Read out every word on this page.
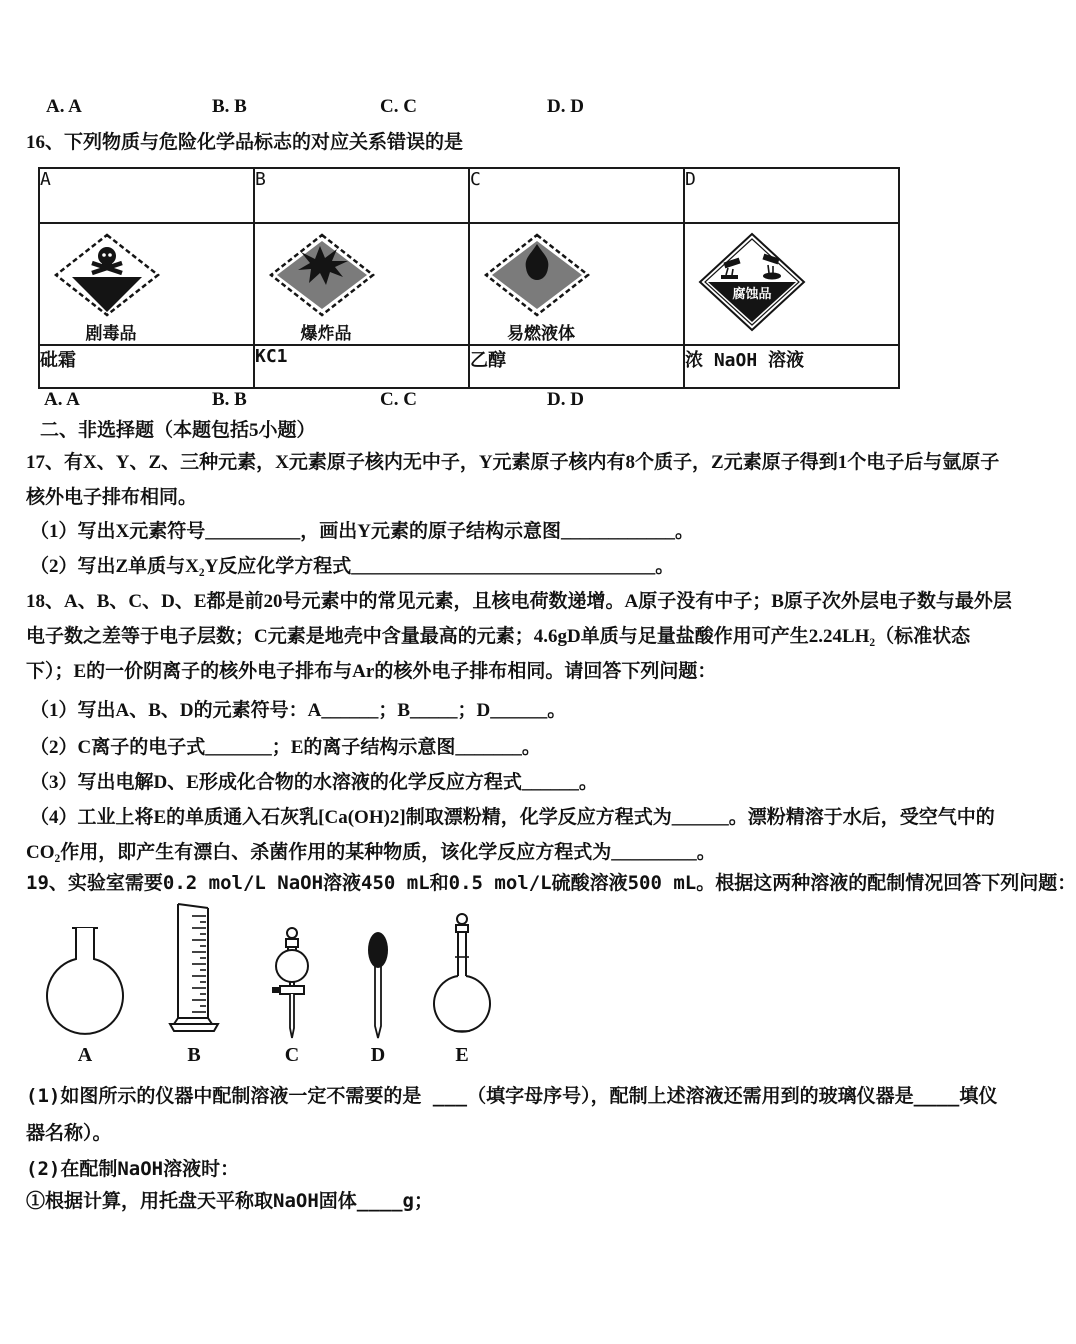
A. A	B. B	C. C	D. D
16、下列物质与危险化学品标志的对应关系错误的是
A	B	C	D

剧毒品	爆炸品	易燃液体	腐蚀品

砒霜	KC1	乙醇	浓 NaOH 溶液
A. A	B. B	C. C	D. D
二、非选择题（本题包括5小题）
17、有X、Y、Z、三种元素，X元素原子核内无中子，Y元素原子核内有8个质子，Z元素原子得到1个电子后与氩原子
核外电子排布相同。
（1）写出X元素符号__________，画出Y元素的原子结构示意图____________。
（2）写出Z单质与X₂Y反应化学方程式________________________________。
18、A、B、C、D、E都是前20号元素中的常见元素，且核电荷数递增。A原子没有中子；B原子次外层电子数与最外层
电子数之差等于电子层数；C元素是地壳中含量最高的元素；4.6gD单质与足量盐酸作用可产生2.24LH₂（标准状态
下）；E的一价阴离子的核外电子排布与Ar的核外电子排布相同。请回答下列问题：
（1）写出A、B、D的元素符号：A______；B_____；D______。
（2）C离子的电子式_______；E的离子结构示意图_______。
（3）写出电解D、E形成化合物的水溶液的化学反应方程式______。
（4）工业上将E的单质通入石灰乳[Ca(OH)2]制取漂粉精，化学反应方程式为______。漂粉精溶于水后，受空气中的
CO₂作用，即产生有漂白、杀菌作用的某种物质，该化学反应方程式为_________。
19、实验室需要0.2 mol/L NaOH溶液450 mL和0.5 mol/L硫酸溶液500 mL。根据这两种溶液的配制情况回答下列问题：
A	B	C	D	E
(1)如图所示的仪器中配制溶液一定不需要的是 ___（填字母序号），配制上述溶液还需用到的玻璃仪器是____填仪
器名称）。
(2)在配制NaOH溶液时：
①根据计算，用托盘天平称取NaOH固体____g；
